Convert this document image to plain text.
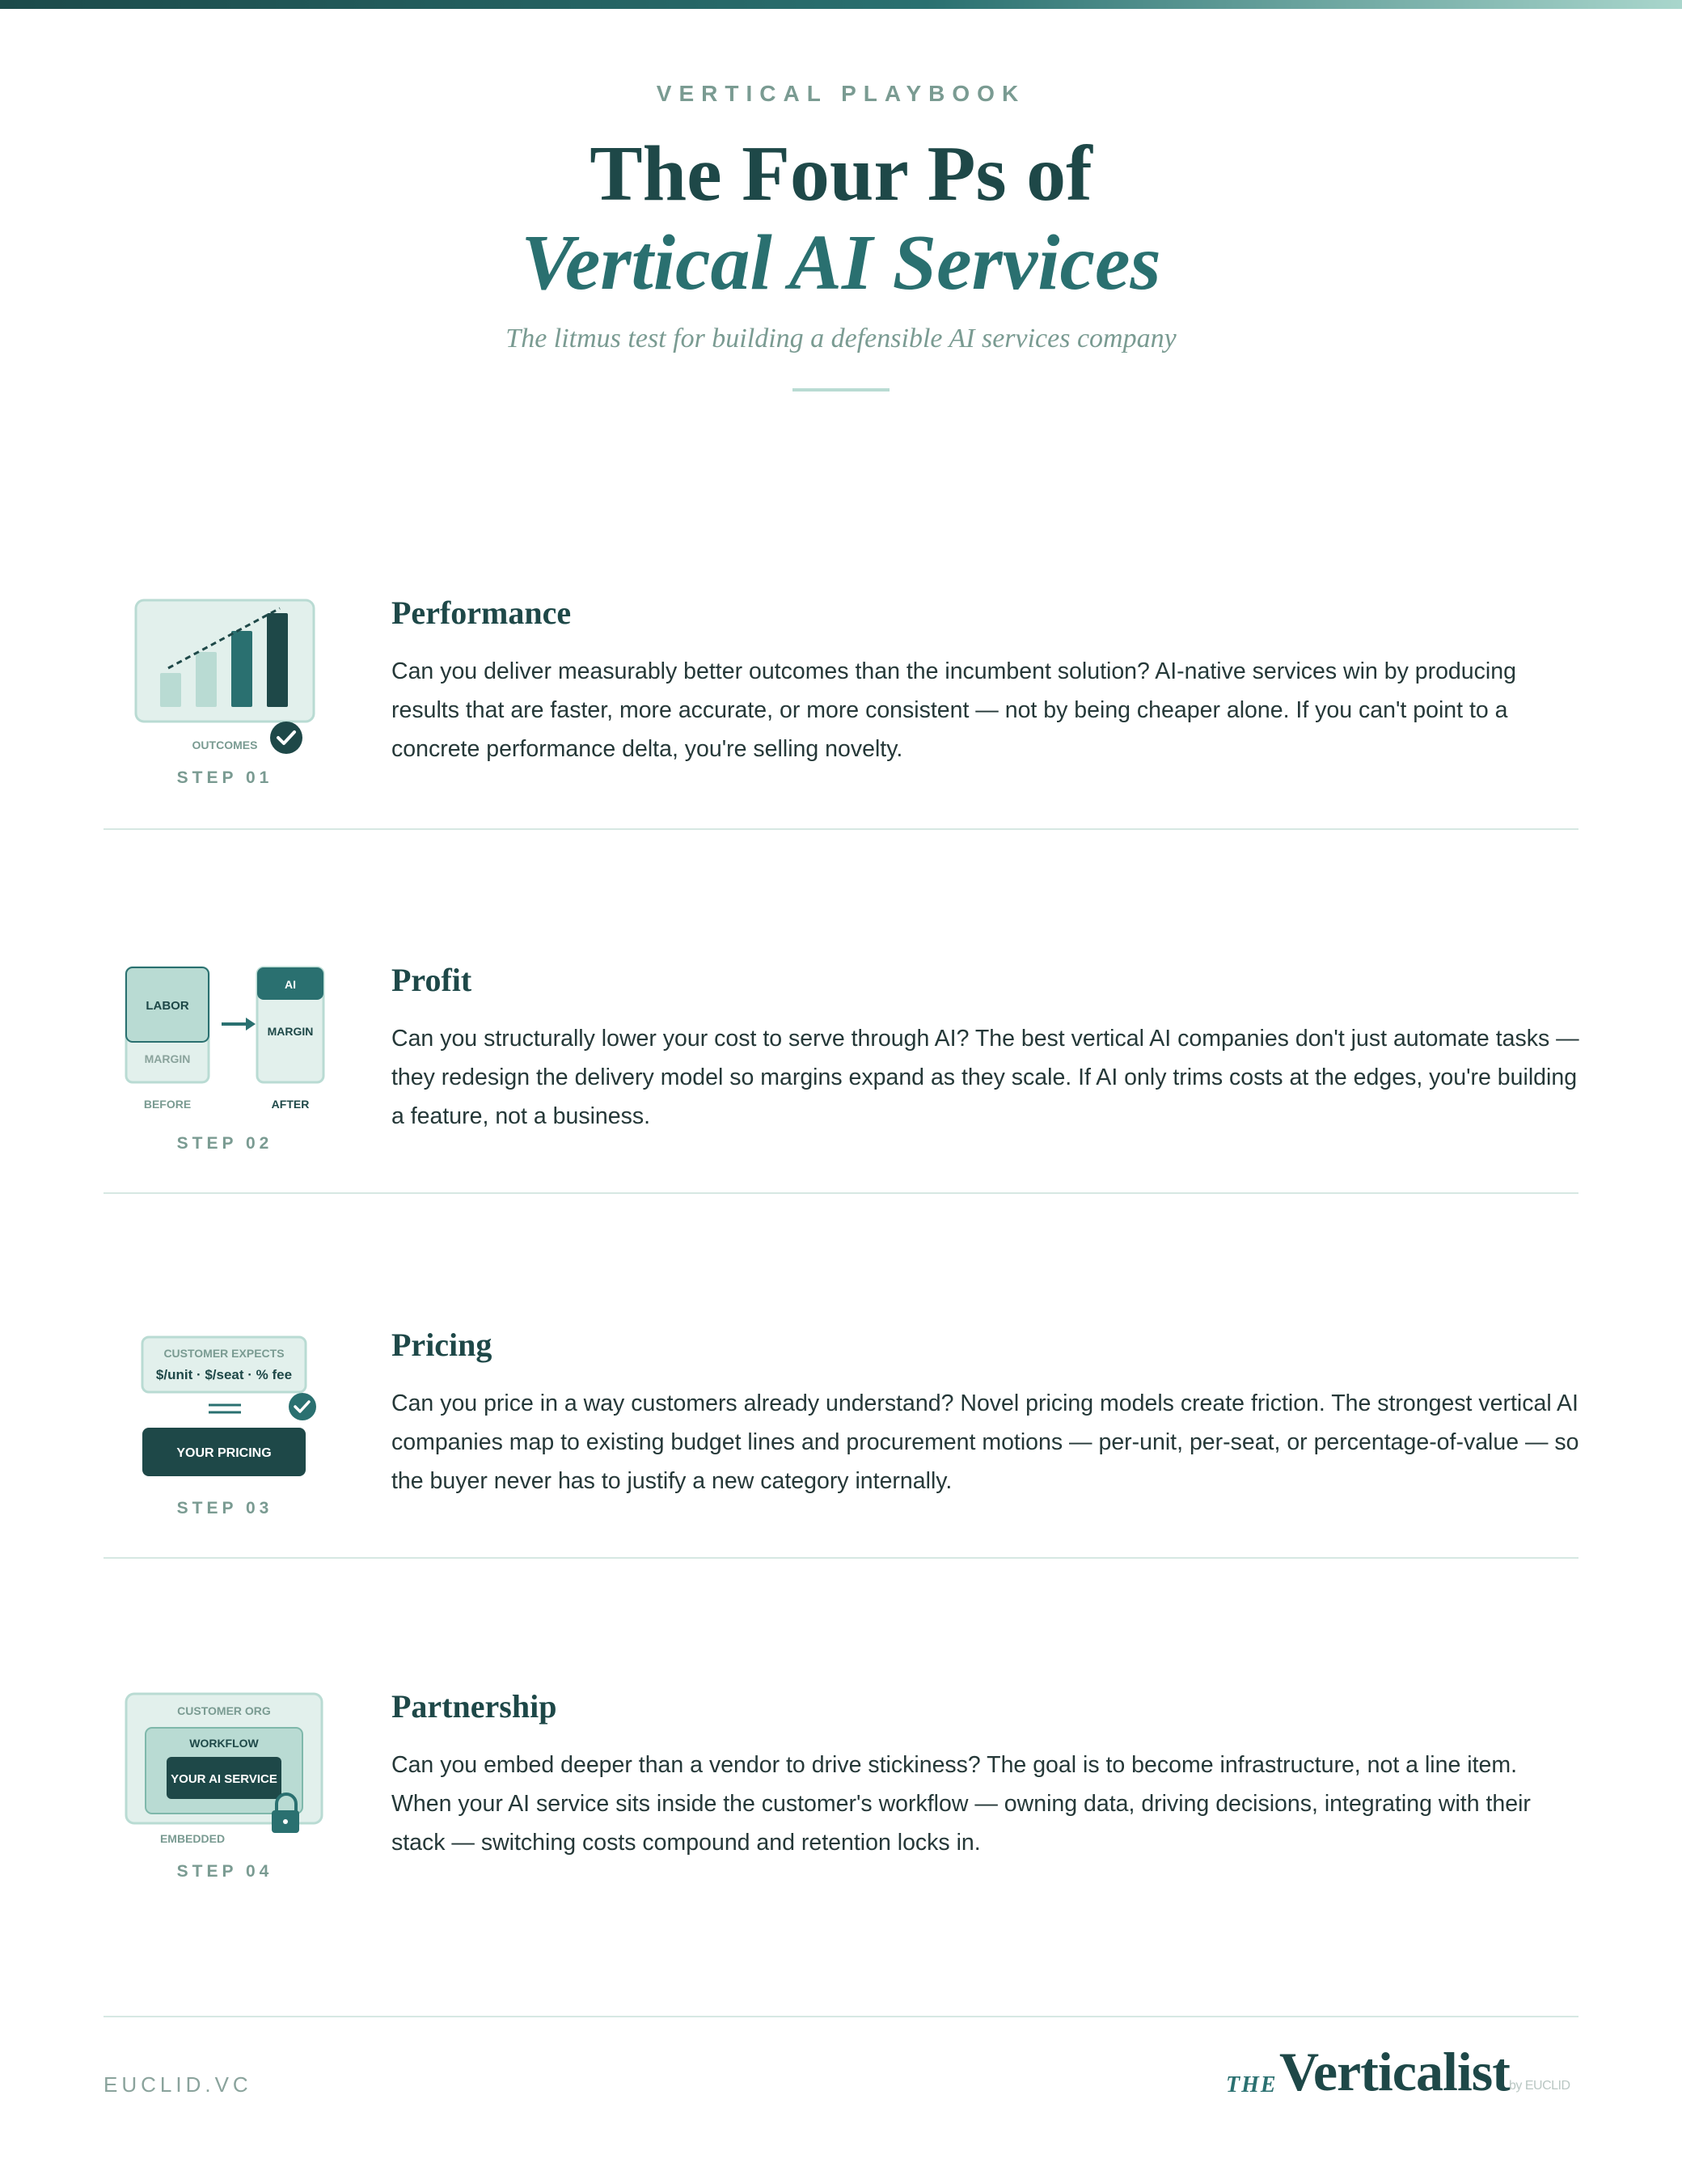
VERTICAL PLAYBOOK
The Four Ps of
Vertical AI Services
The litmus test for building a defensible AI services company
OUTCOMES
STEP 01
Performance

Can you deliver measurably better outcomes than the incumbent solution? AI-native services win by producing results that are faster, more accurate, or more consistent — not by being cheaper alone. If you can't point to a concrete performance delta, you're selling novelty.

LABOR
MARGIN
AI
MARGIN
BEFORE	AFTER
STEP 02
Profit

Can you structurally lower your cost to serve through AI? The best vertical AI companies don't just automate tasks — they redesign the delivery model so margins expand as they scale. If AI only trims costs at the edges, you're building a feature, not a business.

CUSTOMER EXPECTS
$/unit · $/seat · % fee
YOUR PRICING
STEP 03
Pricing

Can you price in a way customers already understand? Novel pricing models create friction. The strongest vertical AI companies map to existing budget lines and procurement motions — per-unit, per-seat, or percentage-of-value — so the buyer never has to justify a new category internally.

CUSTOMER ORG
WORKFLOW
YOUR AI SERVICE
EMBEDDED
STEP 04
Partnership

Can you embed deeper than a vendor to drive stickiness? The goal is to become infrastructure, not a line item. When your AI service sits inside the customer's workflow — owning data, driving decisions, integrating with their stack — switching costs compound and retention locks in.

EUCLID.VC	THE Verticalist by EUCLID
